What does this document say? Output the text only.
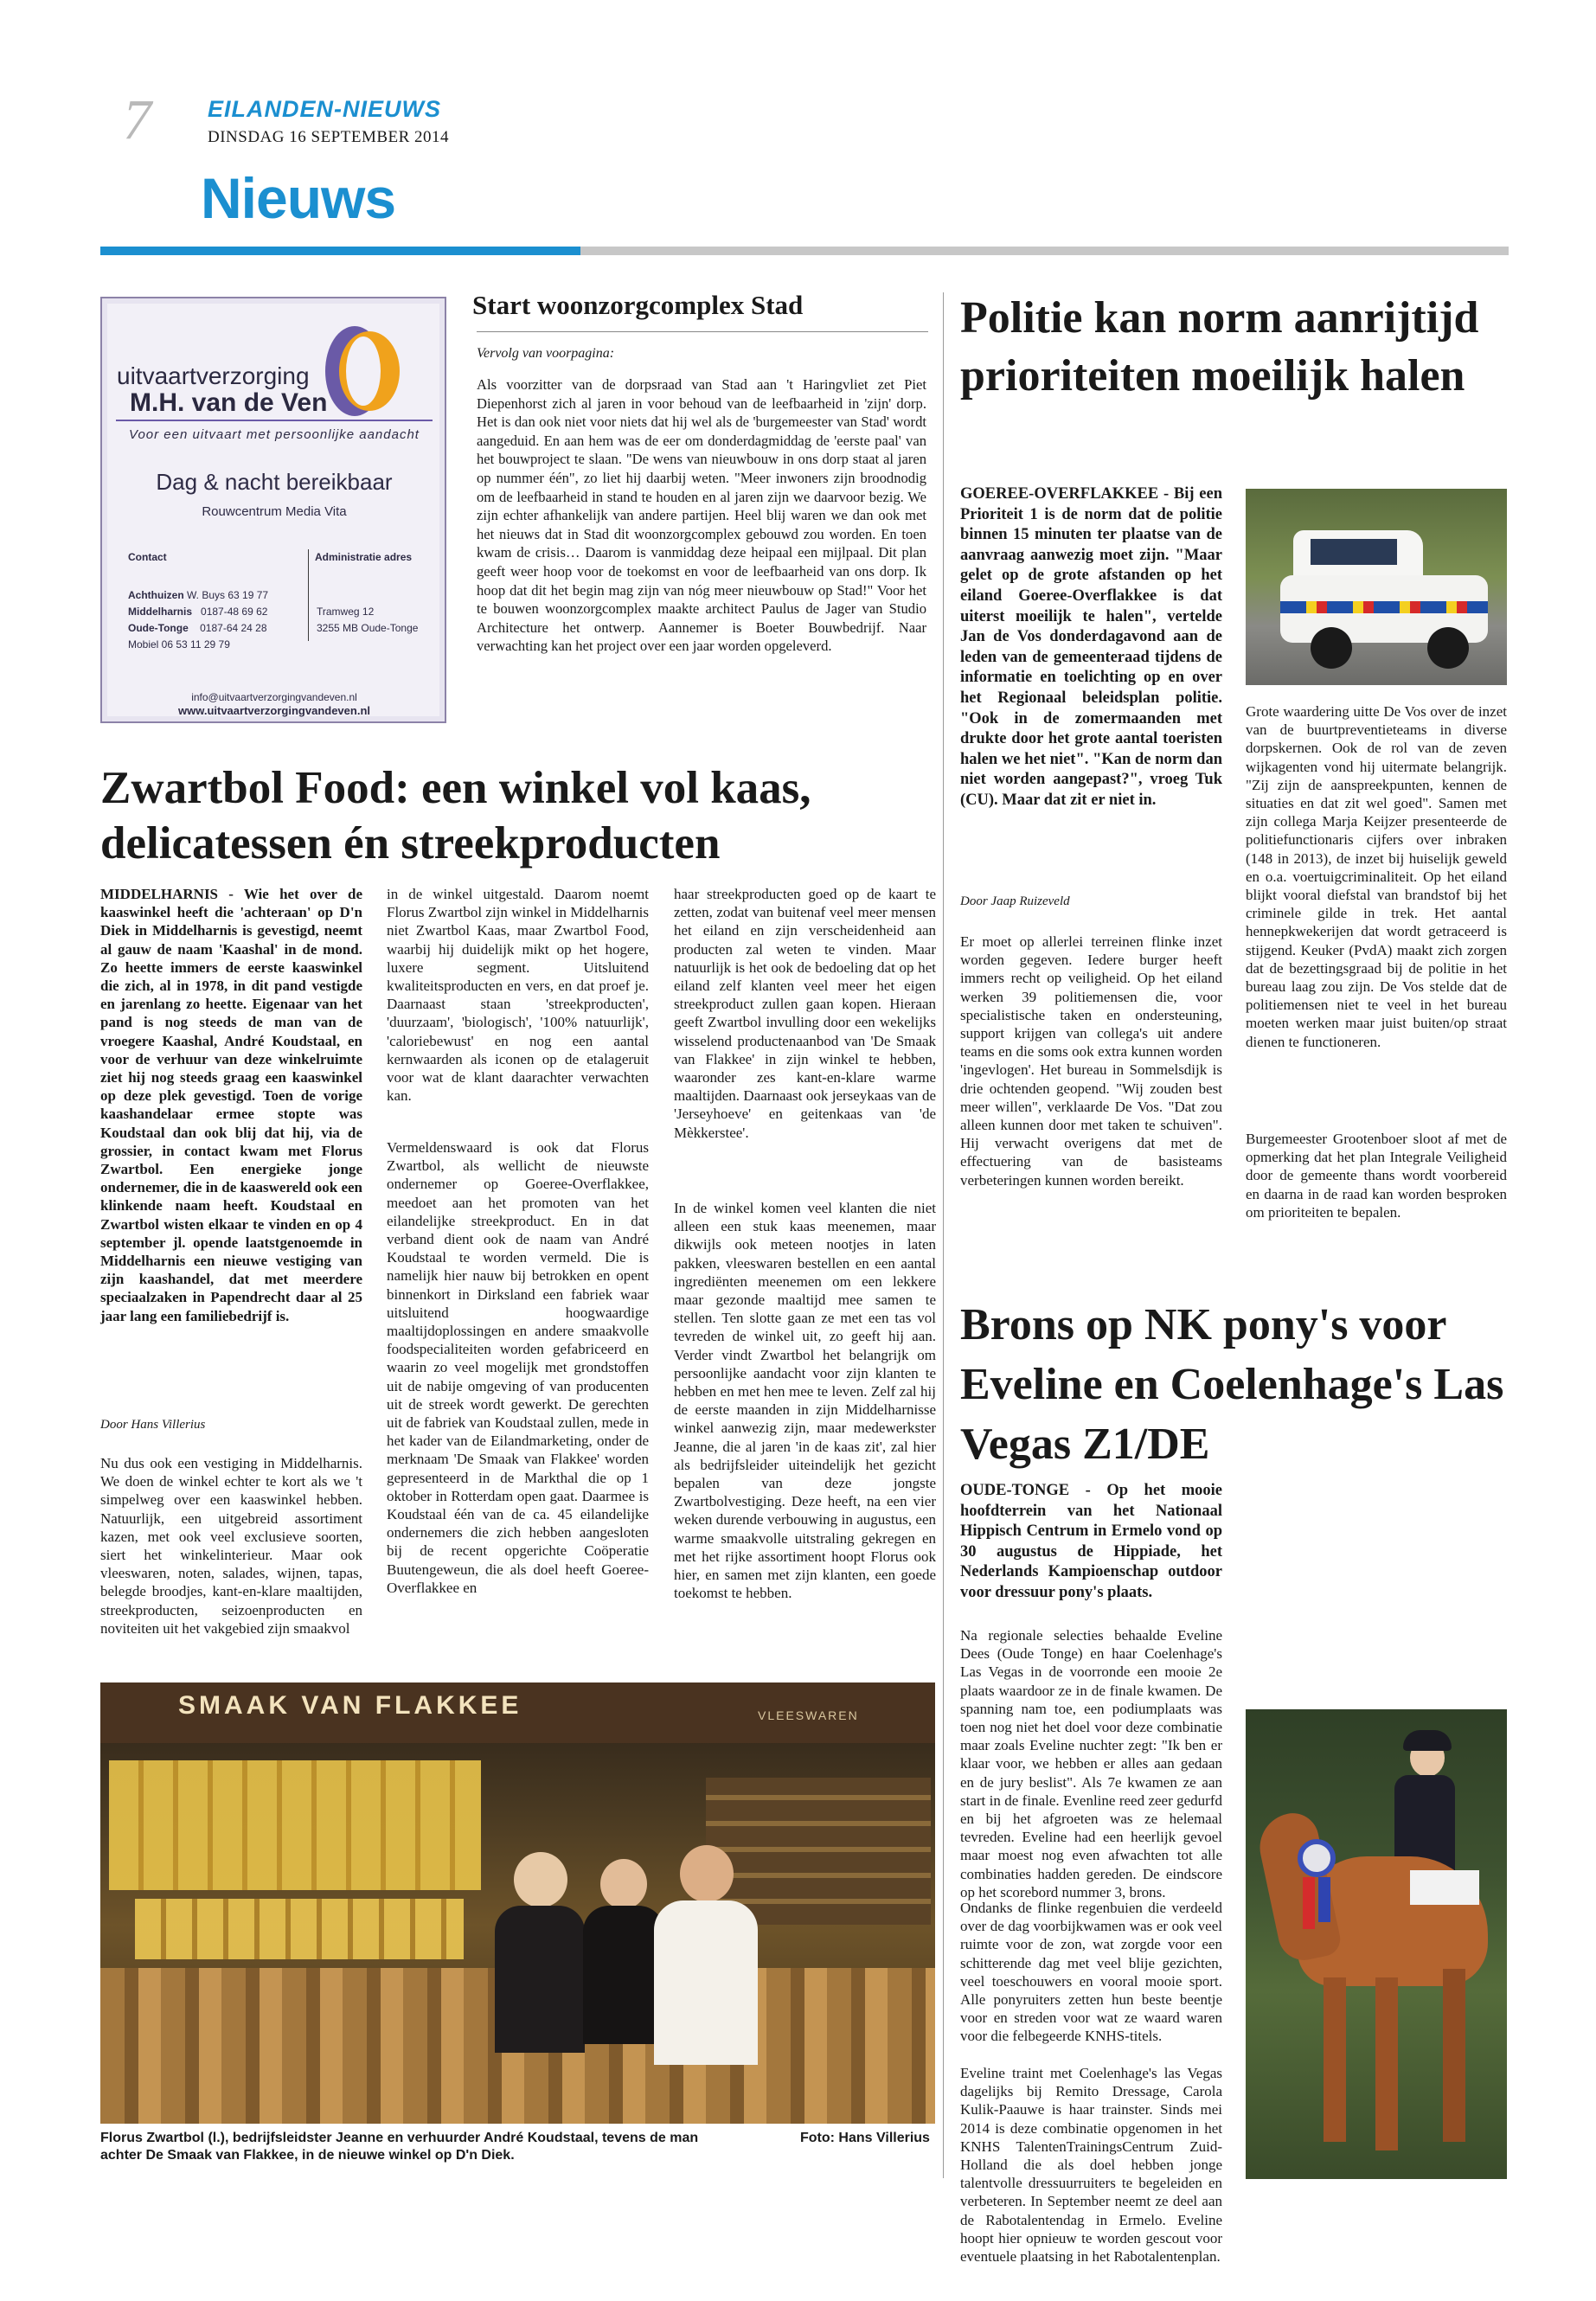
7 EILANDEN-NIEUWS
DINSDAG 16 SEPTEMBER 2014
Nieuws
uitvaartverzorging
M.H. van de Ven
Voor een uitvaart met persoonlijke aandacht
Dag & nacht bereikbaar
Rouwcentrum Media Vita
Contact	Administratie adres
Achthuizen W. Buys 63 19 77
Middelharnis 0187-48 69 62
Oude-Tonge 0187-64 24 28
Mobiel 06 53 11 29 79
Tramweg 12
3255 MB Oude-Tonge
info@uitvaartverzorgingvandeven.nl
www.uitvaartverzorgingvandeven.nl
Start woonzorgcomplex Stad
Vervolg van voorpagina:
Als voorzitter van de dorpsraad van Stad aan 't Haringvliet zet Piet Diepenhorst zich al jaren in voor behoud van de leefbaarheid in 'zijn' dorp. Het is dan ook niet voor niets dat hij wel als de 'burgemeester van Stad' wordt aangeduid. En aan hem was de eer om donderdagmiddag de 'eerste paal' van het bouwproject te slaan. "De wens van nieuwbouw in ons dorp staat al jaren op nummer één", zo liet hij daarbij weten. "Meer inwoners zijn broodnodig om de leefbaarheid in stand te houden en al jaren zijn we daarvoor bezig. We zijn echter afhankelijk van andere partijen. Heel blij waren we dan ook met het nieuws dat in Stad dit woonzorgcomplex gebouwd zou worden. En toen kwam de crisis… Daarom is vanmiddag deze heipaal een mijlpaal. Dit plan geeft weer hoop voor de toekomst en voor de leefbaarheid van ons dorp. Ik hoop dat dit het begin mag zijn van nóg meer nieuwbouw op Stad!" Voor het te bouwen woonzorgcomplex maakte architect Paulus de Jager van Studio Architecture het ontwerp. Aannemer is Boeter Bouwbedrijf. Naar verwachting kan het project over een jaar worden opgeleverd.
Zwartbol Food: een winkel vol kaas, delicatessen én streekproducten
MIDDELHARNIS - Wie het over de kaaswinkel heeft die 'achteraan' op D'n Diek in Middelharnis is gevestigd, neemt al gauw de naam 'Kaashal' in de mond. Zo heette immers de eerste kaaswinkel die zich, al in 1978, in dit pand vestigde en jarenlang zo heette. Eigenaar van het pand is nog steeds de man van de vroegere Kaashal, André Koudstaal, en voor de verhuur van deze winkelruimte ziet hij nog steeds graag een kaaswinkel op deze plek gevestigd. Toen de vorige kaashandelaar ermee stopte was Koudstaal dan ook blij dat hij, via de grossier, in contact kwam met Florus Zwartbol. Een energieke jonge ondernemer, die in de kaaswereld ook een klinkende naam heeft. Koudstaal en Zwartbol wisten elkaar te vinden en op 4 september jl. opende laatstgenoemde in Middelharnis een nieuwe vestiging van zijn kaashandel, dat met meerdere speciaalzaken in Papendrecht daar al 25 jaar lang een familiebedrijf is.
Door Hans Villerius
Nu dus ook een vestiging in Middelharnis. We doen de winkel echter te kort als we 't simpelweg over een kaaswinkel hebben. Natuurlijk, een uitgebreid assortiment kazen, met ook veel exclusieve soorten, siert het winkelinterieur. Maar ook vleeswaren, noten, salades, wijnen, tapas, belegde broodjes, kant-en-klare maaltijden, streekproducten, seizoenproducten en noviteiten uit het vakgebied zijn smaakvol
in de winkel uitgestald. Daarom noemt Florus Zwartbol zijn winkel in Middelharnis niet Zwartbol Kaas, maar Zwartbol Food, waarbij hij duidelijk mikt op het hogere, luxere segment. Uitsluitend kwaliteitsproducten en vers, en dat proef je. Daarnaast staan 'streekproducten', 'duurzaam', 'biologisch', '100% natuurlijk', 'caloriebewust' en nog een aantal kernwaarden als iconen op de etalageruit voor wat de klant daarachter verwachten kan.
Vermeldenswaard is ook dat Florus Zwartbol, als wellicht de nieuwste ondernemer op Goeree-Overflakkee, meedoet aan het promoten van het eilandelijke streekproduct. En in dat verband dient ook de naam van André Koudstaal te worden vermeld. Die is namelijk hier nauw bij betrokken en opent binnenkort in Dirksland een fabriek waar uitsluitend hoogwaardige maaltijdoplossingen en andere smaakvolle foodspecialiteiten worden gefabriceerd en waarin zo veel mogelijk met grondstoffen uit de nabije omgeving of van producenten uit de streek wordt gewerkt. De gerechten uit de fabriek van Koudstaal zullen, mede in het kader van de Eilandmarketing, onder de merknaam 'De Smaak van Flakkee' worden gepresenteerd in de Markthal die op 1 oktober in Rotterdam open gaat. Daarmee is Koudstaal één van de ca. 45 eilandelijke ondernemers die zich hebben aangesloten bij de recent opgerichte Coöperatie Buutengeweun, die als doel heeft Goeree-Overflakkee en
haar streekproducten goed op de kaart te zetten, zodat van buitenaf veel meer mensen het eiland en zijn verscheidenheid aan producten zal weten te vinden. Maar natuurlijk is het ook de bedoeling dat op het eiland zelf klanten veel meer het eigen streekproduct zullen gaan kopen. Hieraan geeft Zwartbol invulling door een wekelijks wisselend productenaanbod van 'De Smaak van Flakkee' in zijn winkel te hebben, waaronder zes kant-en-klare warme maaltijden. Daarnaast ook jerseykaas van de 'Jerseyhoeve' en geitenkaas van 'de Mèkkerstee'.
In de winkel komen veel klanten die niet alleen een stuk kaas meenemen, maar dikwijls ook meteen nootjes in laten pakken, vleeswaren bestellen en een aantal ingrediënten meenemen om een lekkere maar gezonde maaltijd mee samen te stellen. Ten slotte gaan ze met een tas vol tevreden de winkel uit, zo geeft hij aan. Verder vindt Zwartbol het belangrijk om persoonlijke aandacht voor zijn klanten te hebben en met hen mee te leven. Zelf zal hij de eerste maanden in zijn Middelharnisse winkel aanwezig zijn, maar medewerkster Jeanne, die al jaren 'in de kaas zit', zal hier als bedrijfsleider uiteindelijk het gezicht bepalen van deze jongste Zwartbolvestiging. Deze heeft, na een vier weken durende verbouwing in augustus, een warme smaakvolle uitstraling gekregen en met het rijke assortiment hoopt Florus ook hier, en samen met zijn klanten, een goede toekomst te hebben.
SMAAK VAN FLAKKEE	VLEESWAREN
Florus Zwartbol (l.), bedrijfsleidster Jeanne en verhuurder André Koudstaal, tevens de man achter De Smaak van Flakkee, in de nieuwe winkel op D'n Diek.
Foto: Hans Villerius
Politie kan norm aanrijtijd prioriteiten moeilijk halen
GOEREE-OVERFLAKKEE - Bij een Prioriteit 1 is de norm dat de politie binnen 15 minuten ter plaatse van de aanvraag aanwezig moet zijn. "Maar gelet op de grote afstanden op het eiland Goeree-Overflakkee is dat uiterst moeilijk te halen", vertelde Jan de Vos donderdagavond aan de leden van de gemeenteraad tijdens de informatie en toelichting op en over het Regionaal beleidsplan politie. "Ook in de zomermaanden met drukte door het grote aantal toeristen halen we het niet". "Kan de norm dan niet worden aangepast?", vroeg Tuk (CU). Maar dat zit er niet in.
Door Jaap Ruizeveld
Er moet op allerlei terreinen flinke inzet worden gegeven. Iedere burger heeft immers recht op veiligheid. Op het eiland werken 39 politiemensen die, voor specialistische taken en ondersteuning, support krijgen van collega's uit andere teams en die soms ook extra kunnen worden 'ingevlogen'. Het bureau in Sommelsdijk is drie ochtenden geopend. "Wij zouden best meer willen", verklaarde De Vos. "Dat zou alleen kunnen door met taken te schuiven". Hij verwacht overigens dat met de effectuering van de basisteams verbeteringen kunnen worden bereikt.
Grote waardering uitte De Vos over de inzet van de buurtpreventieteams in diverse dorpskernen. Ook de rol van de zeven wijkagenten vond hij uitermate belangrijk. "Zij zijn de aanspreekpunten, kennen de situaties en dat zit wel goed". Samen met zijn collega Marja Keijzer presenteerde de politiefunctionaris cijfers over inbraken (148 in 2013), de inzet bij huiselijk geweld en o.a. voertuigcriminaliteit. Op het eiland blijkt vooral diefstal van brandstof bij het criminele gilde in trek. Het aantal hennepkwekerijen dat wordt getraceerd is stijgend. Keuker (PvdA) maakt zich zorgen dat de bezettingsgraad bij de politie in het bureau laag zou zijn. De Vos stelde dat de politiemensen niet te veel in het bureau moeten werken maar juist buiten/op straat dienen te functioneren.
Burgemeester Grootenboer sloot af met de opmerking dat het plan Integrale Veiligheid door de gemeente thans wordt voorbereid en daarna in de raad kan worden besproken om prioriteiten te bepalen.
Brons op NK pony's voor Eveline en Coelenhage's Las Vegas Z1/DE
OUDE-TONGE - Op het mooie hoofdterrein van het Nationaal Hippisch Centrum in Ermelo vond op 30 augustus de Hippiade, het Nederlands Kampioenschap outdoor voor dressuur pony's plaats.
Na regionale selecties behaalde Eveline Dees (Oude Tonge) en haar Coelenhage's Las Vegas in de voorronde een mooie 2e plaats waardoor ze in de finale kwamen. De spanning nam toe, een podiumplaats was toen nog niet het doel voor deze combinatie maar zoals Eveline nuchter zegt: "Ik ben er klaar voor, we hebben er alles aan gedaan en de jury beslist". Als 7e kwamen ze aan start in de finale. Evenline reed zeer gedurfd en bij het afgroeten was ze helemaal tevreden. Eveline had een heerlijk gevoel maar moest nog even afwachten tot alle combinaties hadden gereden. De eindscore op het scorebord nummer 3, brons.
Ondanks de flinke regenbuien die verdeeld over de dag voorbijkwamen was er ook veel ruimte voor de zon, wat zorgde voor een schitterende dag met veel blije gezichten, veel toeschouwers en vooral mooie sport. Alle ponyruiters zetten hun beste beentje voor en streden voor wat ze waard waren voor die felbegeerde KNHS-titels.
Eveline traint met Coelenhage's las Vegas dagelijks bij Remito Dressage, Carola Kulik-Paauwe is haar trainster. Sinds mei 2014 is deze combinatie opgenomen in het KNHS TalentenTrainingsCentrum Zuid-Holland die als doel hebben jonge talentvolle dressuurruiters te begeleiden en verbeteren. In September neemt ze deel aan de Rabotalentendag in Ermelo. Eveline hoopt hier opnieuw te worden gescout voor eventuele plaatsing in het Rabotalentenplan.
